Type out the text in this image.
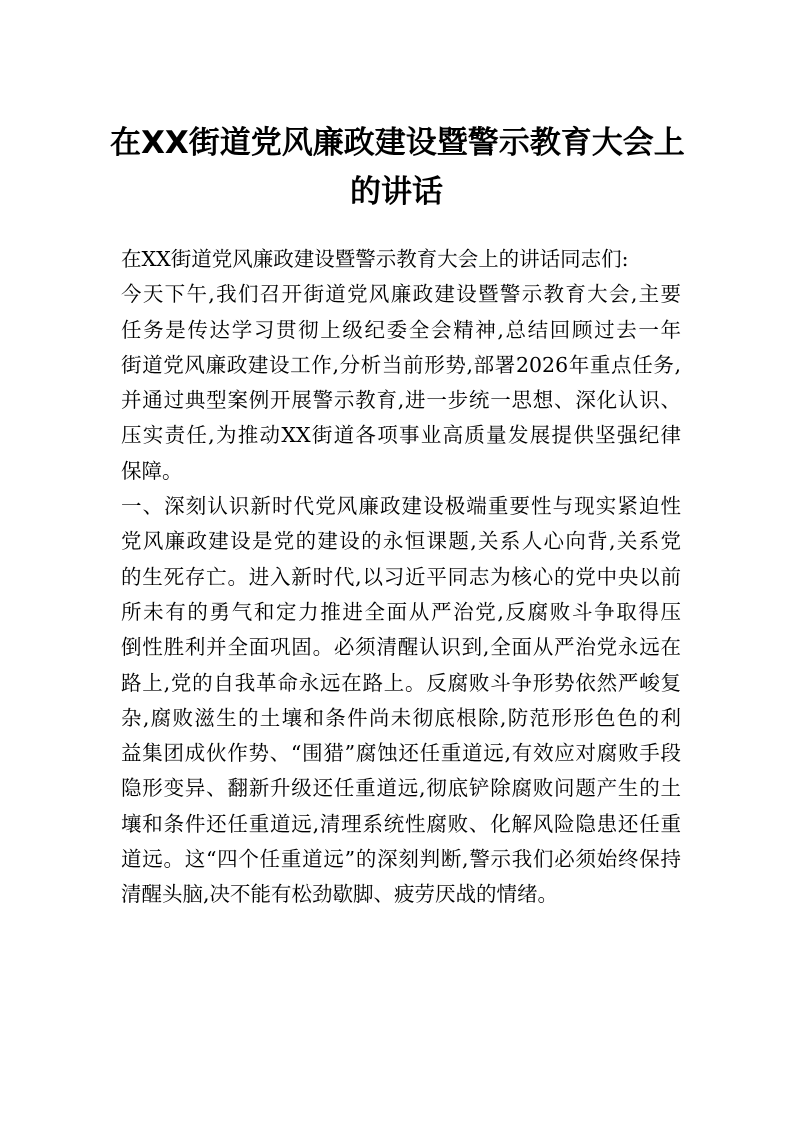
在XX街道党风廉政建设暨警示教育大会上
的讲话
在XX街道党风廉政建设暨警示教育大会上的讲话同志们:
今天下午,我们召开街道党风廉政建设暨警示教育大会,主要
任务是传达学习贯彻上级纪委全会精神,总结回顾过去一年
街道党风廉政建设工作,分析当前形势,部署2026年重点任务,
并通过典型案例开展警示教育,进一步统一思想、深化认识、
压实责任,为推动XX街道各项事业高质量发展提供坚强纪律
保障。
一、深刻认识新时代党风廉政建设极端重要性与现实紧迫性
党风廉政建设是党的建设的永恒课题,关系人心向背,关系党
的生死存亡。进入新时代,以习近平同志为核心的党中央以前
所未有的勇气和定力推进全面从严治党,反腐败斗争取得压
倒性胜利并全面巩固。必须清醒认识到,全面从严治党永远在
路上,党的自我革命永远在路上。反腐败斗争形势依然严峻复
杂,腐败滋生的土壤和条件尚未彻底根除,防范形形色色的利
益集团成伙作势、“围猎”腐蚀还任重道远,有效应对腐败手段
隐形变异、翻新升级还任重道远,彻底铲除腐败问题产生的土
壤和条件还任重道远,清理系统性腐败、化解风险隐患还任重
道远。这“四个任重道远”的深刻判断,警示我们必须始终保持
清醒头脑,决不能有松劲歇脚、疲劳厌战的情绪。
